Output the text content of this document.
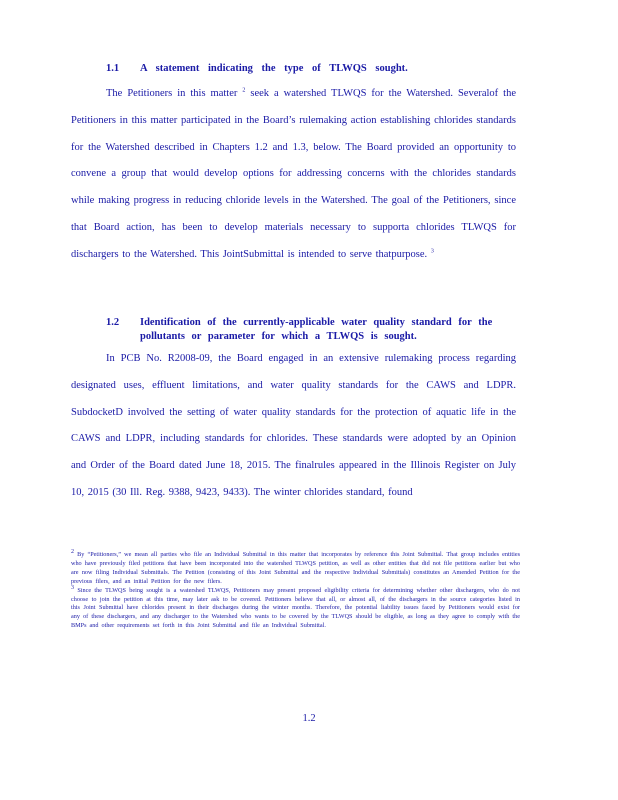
1.1 A statement indicating the type of TLWQS sought.
The Petitioners in this matter $^2$ seek a watershed TLWQS for the Watershed. Severalof the Petitioners in this matter participated in the Board’s rulemaking action establishing chlorides standards for the Watershed described in Chapters 1.2 and 1.3, below. The Board provided an opportunity to convene a group that would develop options for addressing concerns with the chlorides standards while making progress in reducing chloride levels in the Watershed. The goal of the Petitioners, since that Board action, has been to develop materials necessary to supporta chlorides TLWQS for dischargers to the Watershed. This JointSubmittal is intended to serve thatpurpose. $^3$
1.2 Identification of the currently-applicable water quality standard for the pollutants or parameter for which a TLWQS is sought.
In PCB No. R2008-09, the Board engaged in an extensive rulemaking process regarding designated uses, effluent limitations, and water quality standards for the CAWS and LDPR. SubdocketD involved the setting of water quality standards for the protection of aquatic life in the CAWS and LDPR, including standards for chlorides. These standards were adopted by an Opinion and Order of the Board dated June 18, 2015. The finalrules appeared in the Illinois Register on July 10, 2015 (30 Ill. Reg. 9388, 9423, 9433). The winter chlorides standard, found

$^2$ By “Petitioners,” we mean all parties who file an Individual Submittal in this matter that incorporates by reference this Joint Submittal. That group includes entities who have previously filed petitions that have been incorporated into the watershed TLWQS petition, as well as other entities that did not file petitions earlier but who are now filing Individual Submittals. The Petition (consisting of this Joint Submittal and the respective Individual Submittals) constitutes an Amended Petition for the previous filers, and an initial Petition for the new filers.

$^3$ Since the TLWQS being sought is a watershed TLWQS, Petitioners may present proposed eligibility criteria for determining whether other dischargers, who do not choose to join the petition at this time, may later ask to be covered. Petitioners believe that all, or almost all, of the dischargers in the source categories listed in this Joint Submittal have chlorides present in their discharges during the winter months. Therefore, the potential liability issues faced by Petitioners would exist for any of these dischargers, and any discharger to the Watershed who wants to be covered by the TLWQS should be eligible, as long as they agree to comply with the BMPs and other requirements set forth in this Joint Submittal and file an Individual Submittal.

1.2
